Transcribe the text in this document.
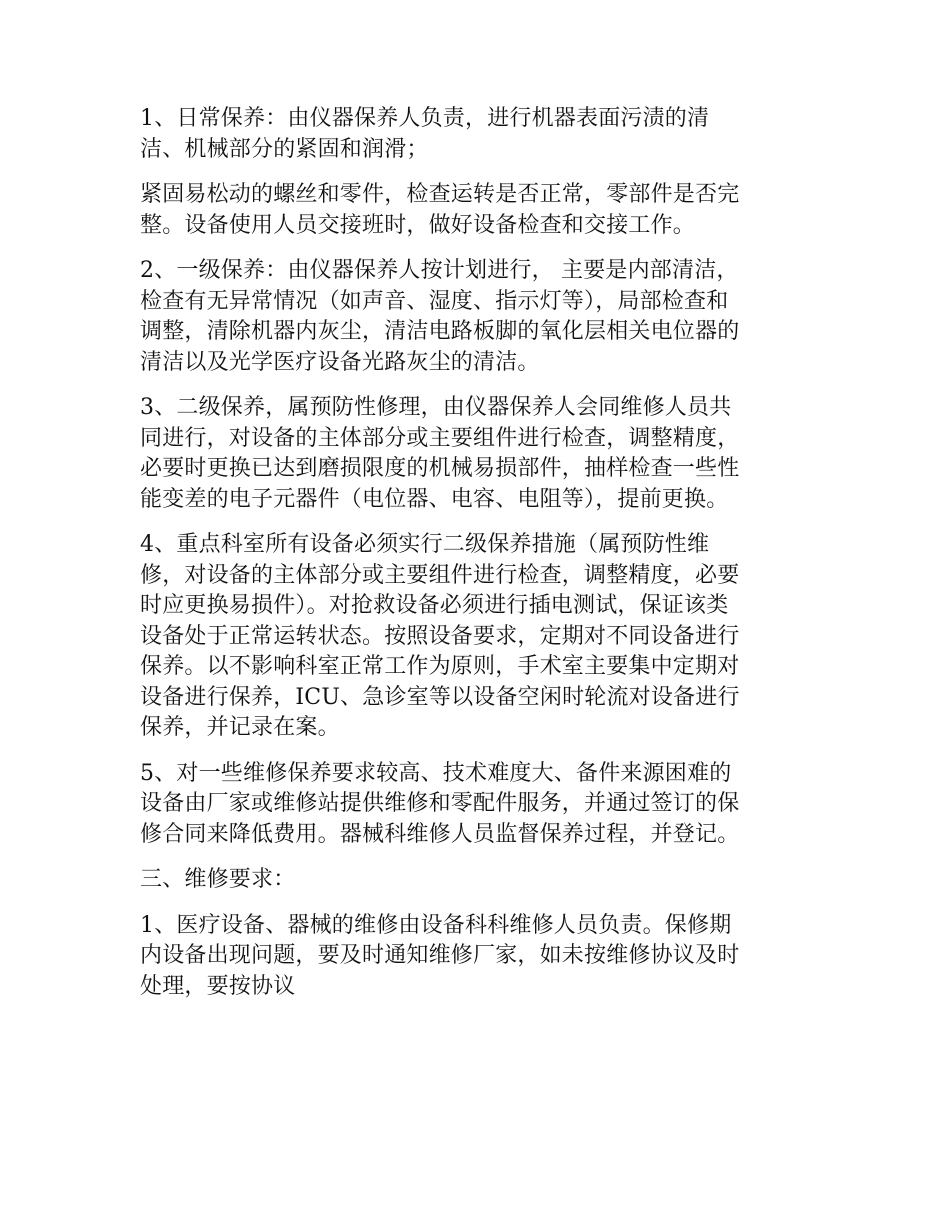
1、日常保养：由仪器保养人负责，进行机器表面污渍的清
洁、机械部分的紧固和润滑；

紧固易松动的螺丝和零件，检查运转是否正常，零部件是否完
整。设备使用人员交接班时，做好设备检查和交接工作。

2、一级保养：由仪器保养人按计划进行， 主要是内部清洁，
检查有无异常情况（如声音、湿度、指示灯等），局部检查和
调整，清除机器内灰尘，清洁电路板脚的氧化层相关电位器的
清洁以及光学医疗设备光路灰尘的清洁。

3、二级保养，属预防性修理，由仪器保养人会同维修人员共
同进行，对设备的主体部分或主要组件进行检查，调整精度，
必要时更换已达到磨损限度的机械易损部件，抽样检查一些性
能变差的电子元器件（电位器、电容、电阻等），提前更换。

4、重点科室所有设备必须实行二级保养措施（属预防性维
修，对设备的主体部分或主要组件进行检查，调整精度，必要
时应更换易损件）。对抢救设备必须进行插电测试，保证该类
设备处于正常运转状态。按照设备要求，定期对不同设备进行
保养。以不影响科室正常工作为原则，手术室主要集中定期对
设备进行保养，ICU、急诊室等以设备空闲时轮流对设备进行
保养，并记录在案。

5、对一些维修保养要求较高、技术难度大、备件来源困难的
设备由厂家或维修站提供维修和零配件服务，并通过签订的保
修合同来降低费用。器械科维修人员监督保养过程，并登记。

三、维修要求：

1、医疗设备、器械的维修由设备科科维修人员负责。保修期
内设备出现问题，要及时通知维修厂家，如未按维修协议及时
处理，要按协议
